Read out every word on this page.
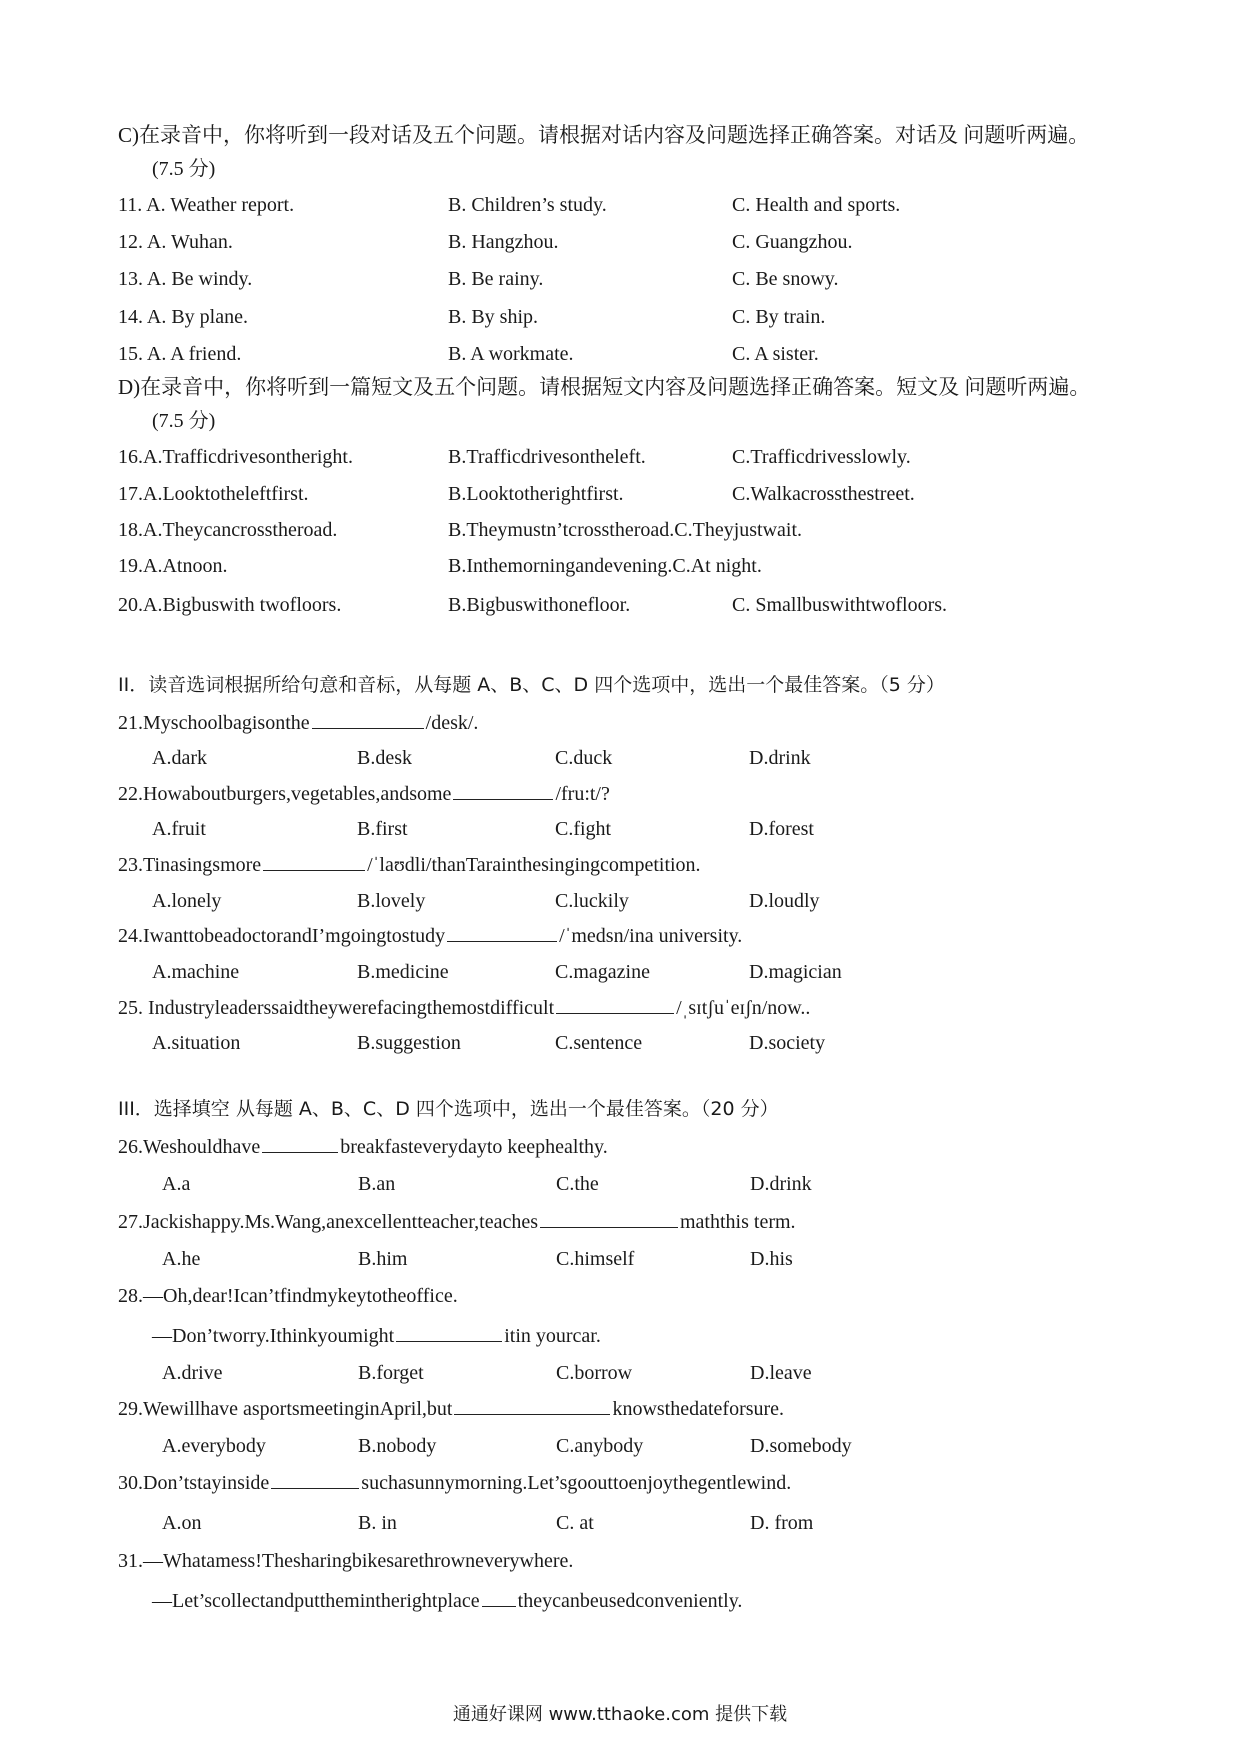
C)在录音中，你将听到一段对话及五个问题。请根据对话内容及问题选择正确答案。对话及 问题听两遍。
(7.5 分)
11. A. Weather report.	B. Children’s study.	C. Health and sports.
12. A. Wuhan.	B. Hangzhou.	C. Guangzhou.
13. A. Be windy.	B. Be rainy.	C. Be snowy.
14. A. By plane.	B. By ship.	C. By train.
15. A. A friend.	B. A workmate.	C. A sister.
D)在录音中，你将听到一篇短文及五个问题。请根据短文内容及问题选择正确答案。短文及 问题听两遍。
(7.5 分)
16.A.Trafficdrivesontheright.	B.Trafficdrivesontheleft.	C.Trafficdrivesslowly.
17.A.Looktotheleftfirst.	B.Looktotherightfirst.	C.Walkacrossthestreet.
18.A.Theycancrosstheroad.	B.Theymustn’tcrosstheroad.C.Theyjustwait.
19.A.Atnoon.	B.Inthemorningandevening.C.At night.
20.A.Bigbuswith twofloors.	B.Bigbuswithonefloor.	C. Smallbuswithtwofloors.
II．读音选词根据所给句意和音标，从每题 A、B、C、D 四个选项中，选出一个最佳答案。（5 分）
21.Myschoolbagisonthe	/desk/.
A.dark	B.desk	C.duck	D.drink
22.Howaboutburgers,vegetables,andsome	/fru:t/?
A.fruit	B.first	C.fight	D.forest
23.Tinasingsmore	/ˈlaʊdli/thanTarainthesingingcompetition.
A.lonely	B.lovely	C.luckily	D.loudly
24.IwanttobeadoctorandI’mgoingtostudy	/ˈmedsn/ina university.
A.machine	B.medicine	C.magazine	D.magician
25. Industryleaderssaidtheywerefacingthemostdifficult	/ˌsɪtʃuˈeɪʃn/now..
A.situation	B.suggestion	C.sentence	D.society
III．选择填空 从每题 A、B、C、D 四个选项中，选出一个最佳答案。（20 分）
26.Weshouldhave	breakfasteverydayto keephealthy.
A.a	B.an	C.the	D.drink
27.Jackishappy.Ms.Wang,anexcellentteacher,teaches	maththis term.
A.he	B.him	C.himself	D.his
28.—Oh,dear!Ican’tfindmykeytotheoffice.
—Don’tworry.Ithinkyoumight	itin yourcar.
A.drive	B.forget	C.borrow	D.leave
29.Wewillhave asportsmeetinginApril,but	knowsthedateforsure.
A.everybody	B.nobody	C.anybody	D.somebody
30.Don’tstayinside	suchasunnymorning.Let’sgoouttoenjoythegentlewind.
A.on	B. in	C. at	D. from
31.—Whatamess!Thesharingbikesarethrowneverywhere.
—Let’scollectandputthemintherightplace theycanbeusedconveniently.
通通好课网 www.tthaoke.com 提供下载
